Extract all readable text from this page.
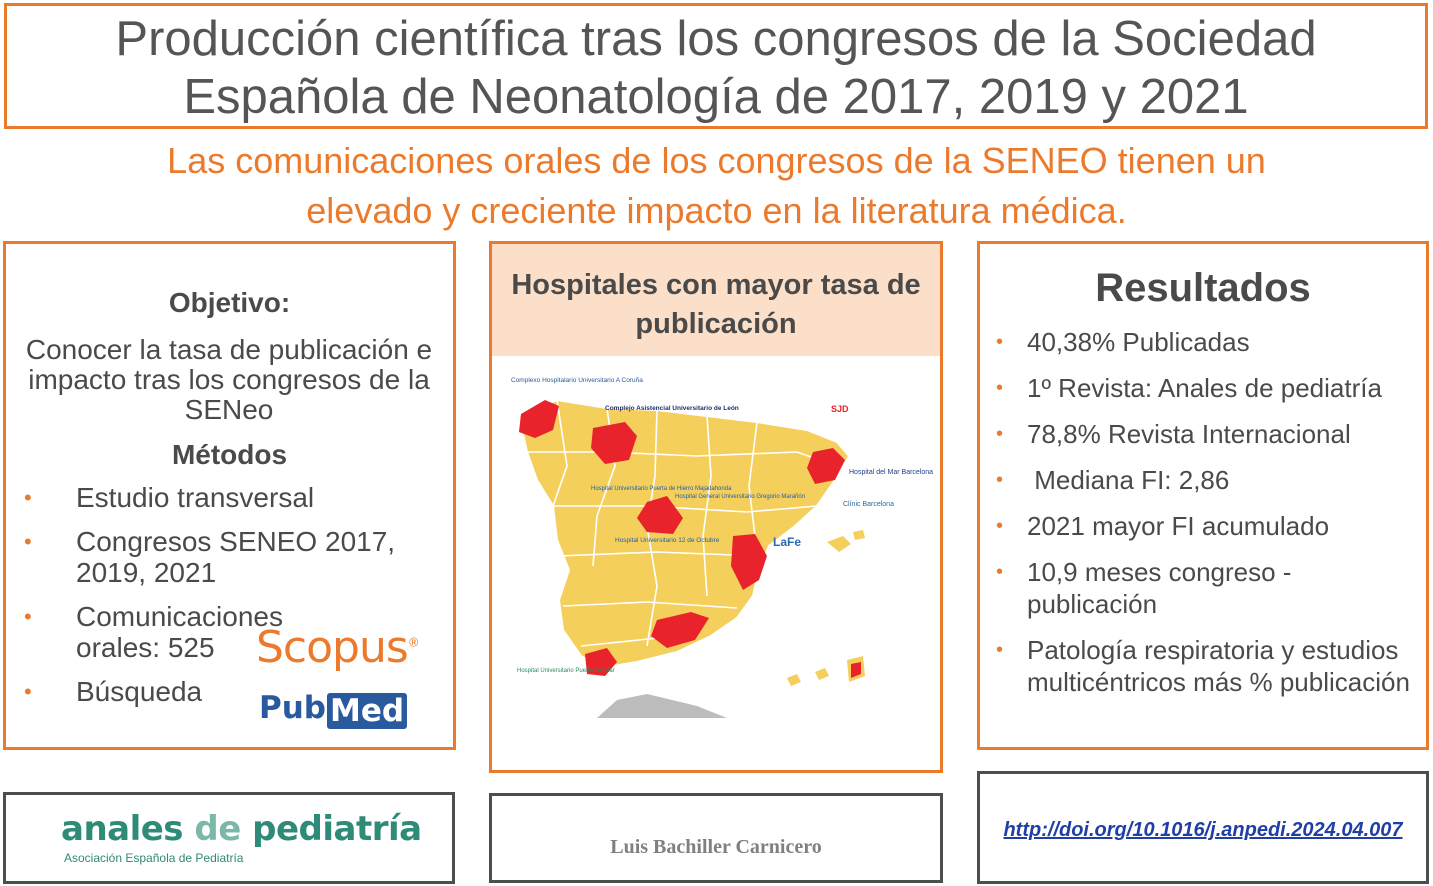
Producción científica tras los congresos de la Sociedad
Española de Neonatología de 2017, 2019 y 2021
Las comunicaciones orales de los congresos de la SENEO tienen un
elevado y creciente impacto en la literatura médica.
Objetivo:
Conocer la tasa de publicación e impacto tras los congresos de la SENeo
Métodos
• Estudio transversal
• Congresos SENEO 2017, 2019, 2021
• Comunicaciones orales: 525
• Búsqueda
Scopus®
Pub Med
Hospitales con mayor tasa de publicación
Complexo Hospitalario Universitario A Coruña
Complejo Asistencial Universitario de León	SJD
Hospital del Mar Barcelona
Clínic Barcelona
Hospital Universitario Puerta de Hierro Majadahonda
Hospital General Universitario Gregorio Marañón
Hospital Universitario 12 de Octubre	LaFe
Hospital Universitario Puerta del Mar
Resultados
• 40,38% Publicadas
• 1º Revista: Anales de pediatría
• 78,8% Revista Internacional
• Mediana FI: 2,86
• 2021 mayor FI acumulado
• 10,9 meses congreso - publicación
• Patología respiratoria y estudios multicéntricos más % publicación
anales de pediatría
Asociación Española de Pediatría	Luis Bachiller Carnicero
http://doi.org/10.1016/j.anpedi.2024.04.007
